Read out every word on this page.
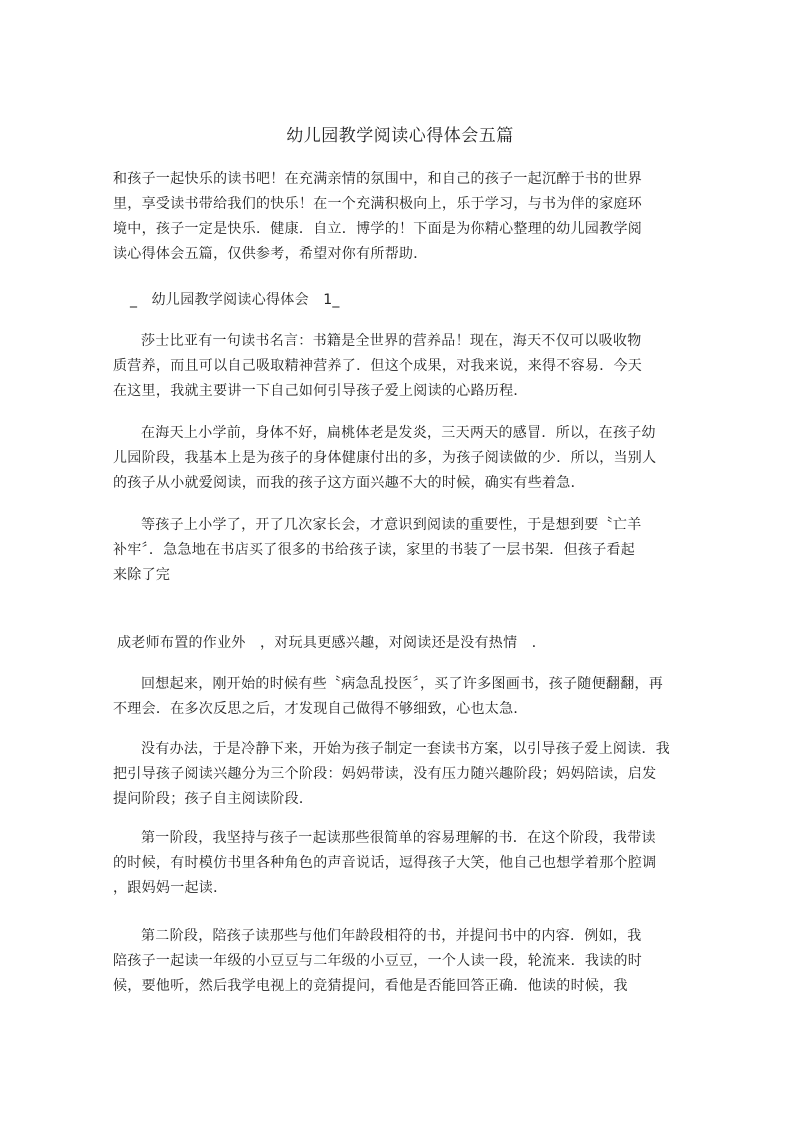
幼儿园教学阅读心得体会五篇
和孩子一起快乐的读书吧！在充满亲情的氛围中，和自己的孩子一起沉醉于书的世界
里，享受读书带给我们的快乐！在一个充满积极向上，乐于学习，与书为伴的家庭环
境中，孩子一定是快乐．健康．自立．博学的！下面是为你精心整理的幼儿园教学阅
读心得体会五篇，仅供参考，希望对你有所帮助．
_　幼儿园教学阅读心得体会　1_
莎士比亚有一句读书名言：书籍是全世界的营养品！现在，海天不仅可以吸收物
质营养，而且可以自己吸取精神营养了．但这个成果，对我来说，来得不容易．今天
在这里，我就主要讲一下自己如何引导孩子爱上阅读的心路历程．
在海天上小学前，身体不好，扁桃体老是发炎，三天两天的感冒．所以，在孩子幼
儿园阶段，我基本上是为孩子的身体健康付出的多，为孩子阅读做的少．所以，当别人
的孩子从小就爱阅读，而我的孩子这方面兴趣不大的时候，确实有些着急．
等孩子上小学了，开了几次家长会，才意识到阅读的重要性，于是想到要〝亡羊
补牢〞．急急地在书店买了很多的书给孩子读，家里的书装了一层书架．但孩子看起
来除了完
成老师布置的作业外　，对玩具更感兴趣，对阅读还是没有热情　．
回想起来，刚开始的时候有些〝病急乱投医〞，买了许多图画书，孩子随便翻翻，再
不理会．在多次反思之后，才发现自己做得不够细致，心也太急．
没有办法，于是冷静下来，开始为孩子制定一套读书方案，以引导孩子爱上阅读．我
把引导孩子阅读兴趣分为三个阶段：妈妈带读，没有压力随兴趣阶段；妈妈陪读，启发
提问阶段；孩子自主阅读阶段．
第一阶段，我坚持与孩子一起读那些很简单的容易理解的书．在这个阶段，我带读
的时候，有时模仿书里各种角色的声音说话，逗得孩子大笑，他自己也想学着那个腔调
，跟妈妈一起读．
第二阶段，陪孩子读那些与他们年龄段相符的书，并提问书中的内容．例如，我
陪孩子一起读一年级的小豆豆与二年级的小豆豆，一个人读一段，轮流来．我读的时
候，要他听，然后我学电视上的竞猜提问，看他是否能回答正确．他读的时候，我
